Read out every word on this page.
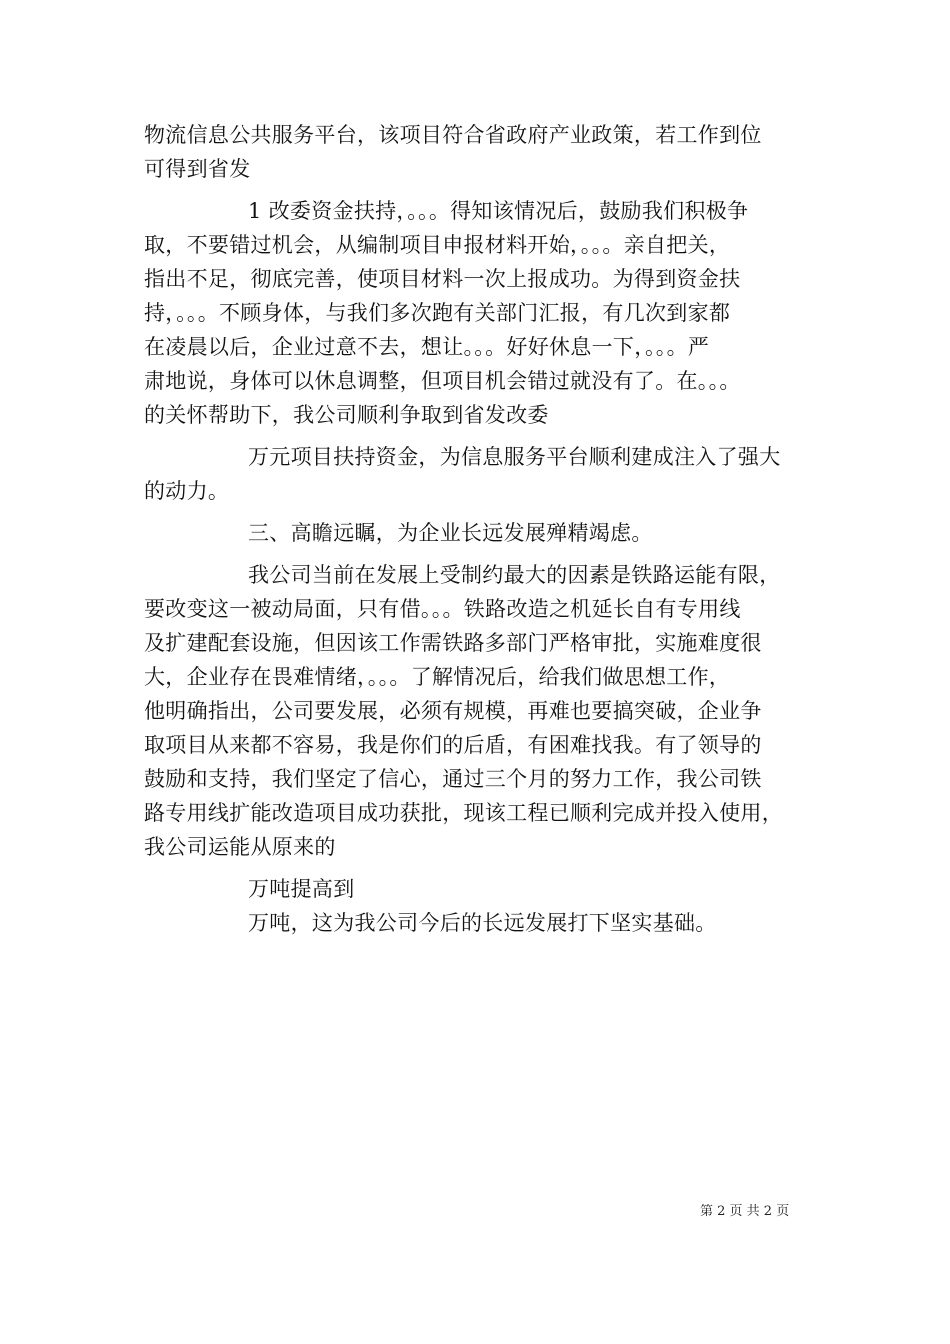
物流信息公共服务平台，该项目符合省政府产业政策，若工作到位
可得到省发
1 改委资金扶持，。。。得知该情况后，鼓励我们积极争
取，不要错过机会，从编制项目申报材料开始，。。。亲自把关，
指出不足，彻底完善，使项目材料一次上报成功。为得到资金扶
持，。。。不顾身体，与我们多次跑有关部门汇报，有几次到家都
在凌晨以后，企业过意不去，想让。。。好好休息一下，。。。严
肃地说，身体可以休息调整，但项目机会错过就没有了。在。。。
的关怀帮助下，我公司顺利争取到省发改委
万元项目扶持资金，为信息服务平台顺利建成注入了强大
的动力。
三、高瞻远瞩，为企业长远发展殚精竭虑。
我公司当前在发展上受制约最大的因素是铁路运能有限，
要改变这一被动局面，只有借。。。铁路改造之机延长自有专用线
及扩建配套设施，但因该工作需铁路多部门严格审批，实施难度很
大，企业存在畏难情绪，。。。了解情况后，给我们做思想工作，
他明确指出，公司要发展，必须有规模，再难也要搞突破，企业争
取项目从来都不容易，我是你们的后盾，有困难找我。有了领导的
鼓励和支持，我们坚定了信心，通过三个月的努力工作，我公司铁
路专用线扩能改造项目成功获批，现该工程已顺利完成并投入使用，
我公司运能从原来的
万吨提高到
万吨，这为我公司今后的长远发展打下坚实基础。
第 2 页 共 2 页
